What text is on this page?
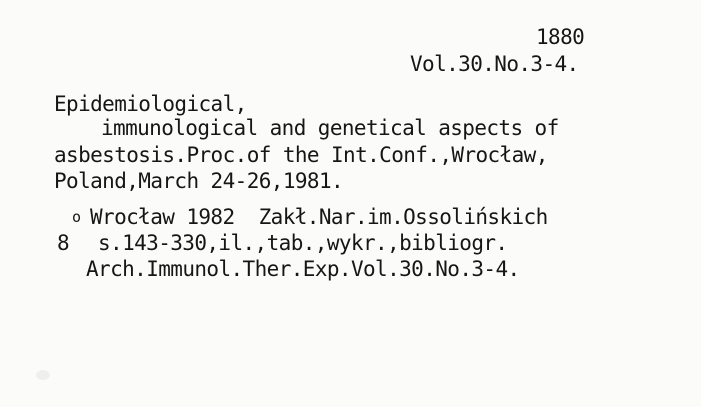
1880
Vol.30.No.3-4.
Epidemiological,
immunological and genetical aspects of
asbestosis.Proc.of the Int.Conf.,Wrocław,
Poland,March 24-26,1981.
Wrocław 1982  Zakł.Nar.im.Ossolińskich
o
8 s.143-330,il.,tab.,wykr.,bibliogr.
Arch.Immunol.Ther.Exp.Vol.30.No.3-4.
